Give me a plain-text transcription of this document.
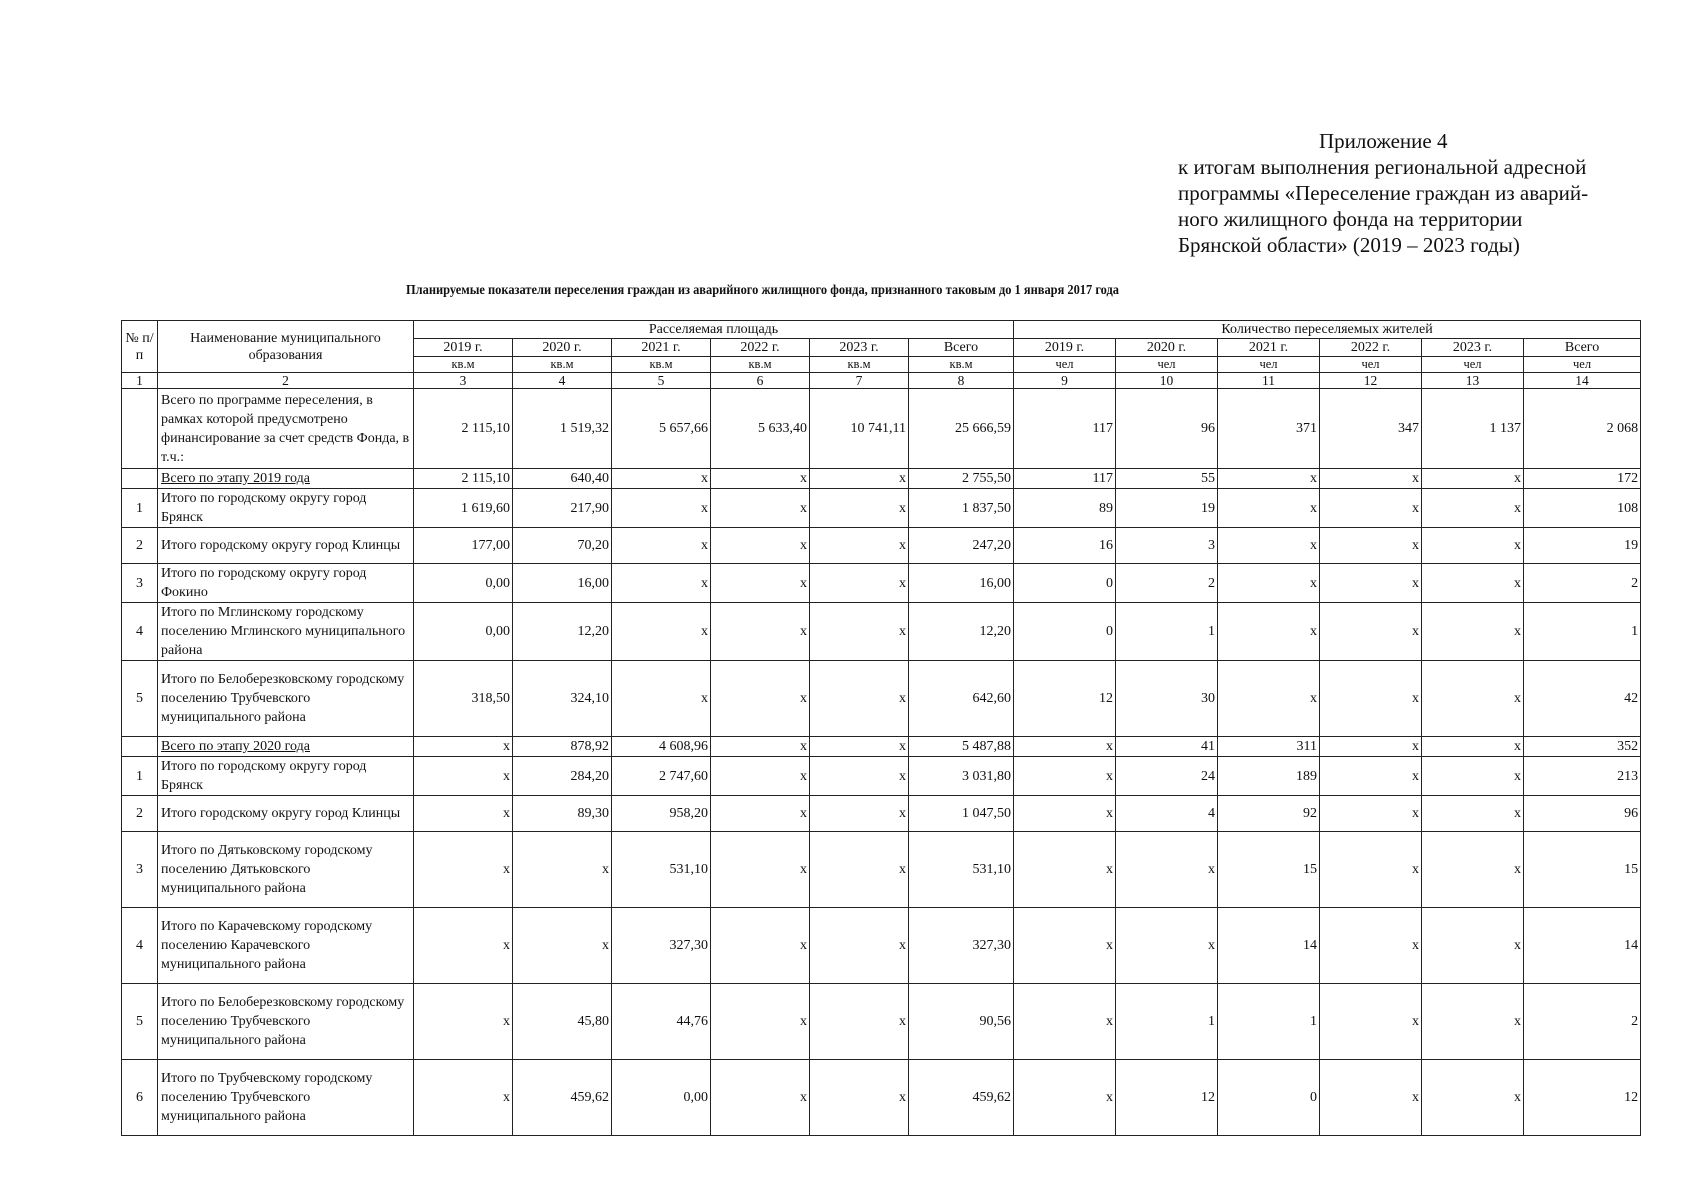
Приложение 4
к итогам выполнения региональной адресной
программы «Переселение граждан из аварий-
ного жилищного фонда на территории
Брянской области» (2019 – 2023 годы)
Планируемые показатели переселения граждан из аварийного жилищного фонда, признанного таковым до 1 января 2017 года
№ п/п	Наименование муниципального образования	Расселяемая площадь						Количество переселяемых жителей					
		2019 г.	2020 г.	2021 г.	2022 г.	2023 г.	Всего	2019 г.	2020 г.	2021 г.	2022 г.	2023 г.	Всего
		кв.м	кв.м	кв.м	кв.м	кв.м	кв.м	чел	чел	чел	чел	чел	чел
1	2	3	4	5	6	7	8	9	10	11	12	13	14
	Всего по программе переселения, в рамках которой предусмотрено финансирование за счет средств Фонда, в т.ч.:	2 115,10	1 519,32	5 657,66	5 633,40	10 741,11	25 666,59	117	96	371	347	1 137	2 068
	Всего по этапу 2019 года	2 115,10	640,40	x	x	x	2 755,50	117	55	x	x	x	172
1	Итого по городскому округу город Брянск	1 619,60	217,90	x	x	x	1 837,50	89	19	x	x	x	108
2	Итого городскому округу город Клинцы	177,00	70,20	x	x	x	247,20	16	3	x	x	x	19
3	Итого по городскому округу город Фокино	0,00	16,00	x	x	x	16,00	0	2	x	x	x	2
4	Итого по Мглинскому городскому поселению Мглинского муниципального района	0,00	12,20	x	x	x	12,20	0	1	x	x	x	1
5	Итого по Белоберезковскому городскому поселению Трубчевского муниципального района	318,50	324,10	x	x	x	642,60	12	30	x	x	x	42
	Всего по этапу 2020 года	x	878,92	4 608,96	x	x	5 487,88	x	41	311	x	x	352
1	Итого по городскому округу город Брянск	x	284,20	2 747,60	x	x	3 031,80	x	24	189	x	x	213
2	Итого городскому округу город Клинцы	x	89,30	958,20	x	x	1 047,50	x	4	92	x	x	96
3	Итого по Дятьковскому городскому поселению Дятьковского муниципального района	x	x	531,10	x	x	531,10	x	x	15	x	x	15
4	Итого по Карачевскому городскому поселению Карачевского муниципального района	x	x	327,30	x	x	327,30	x	x	14	x	x	14
5	Итого по Белоберезковскому городскому поселению Трубчевского муниципального района	x	45,80	44,76	x	x	90,56	x	1	1	x	x	2
6	Итого по Трубчевскому городскому поселению Трубчевского муниципального района	x	459,62	0,00	x	x	459,62	x	12	0	x	x	12
